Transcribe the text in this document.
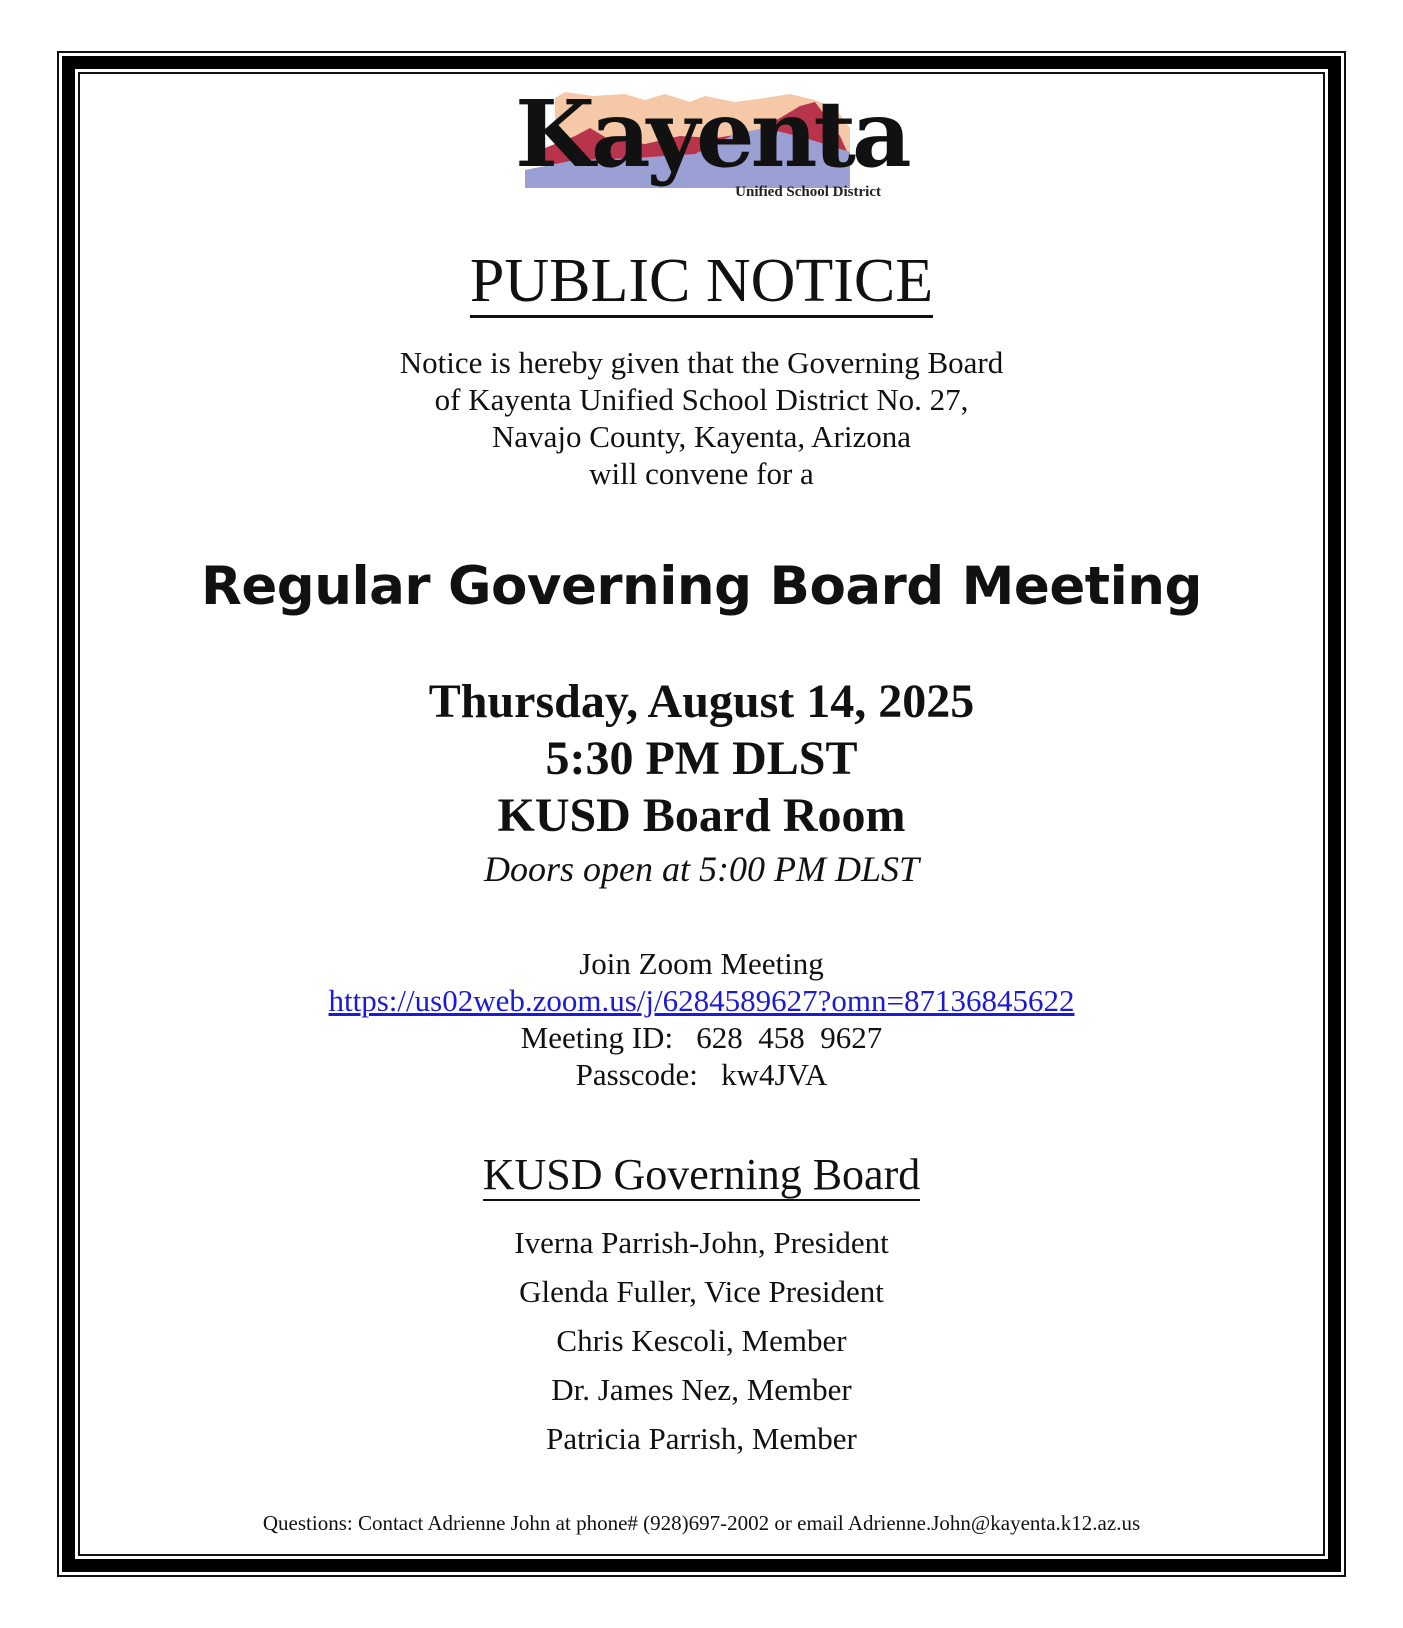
Kayenta
Unified School District
PUBLIC NOTICE
Notice is hereby given that the Governing Board
of Kayenta Unified School District No. 27,
Navajo County, Kayenta, Arizona
will convene for a
Regular Governing Board Meeting
Thursday, August 14, 2025
5:30 PM DLST
KUSD Board Room
Doors open at 5:00 PM DLST
Join Zoom Meeting
https://us02web.zoom.us/j/6284589627?omn=87136845622
Meeting ID:   628  458  9627
Passcode:   kw4JVA
KUSD Governing Board
Iverna Parrish-John, President
Glenda Fuller, Vice President
Chris Kescoli, Member
Dr. James Nez, Member
Patricia Parrish, Member
Questions: Contact Adrienne John at phone# (928)697-2002 or email Adrienne.John@kayenta.k12.az.us
